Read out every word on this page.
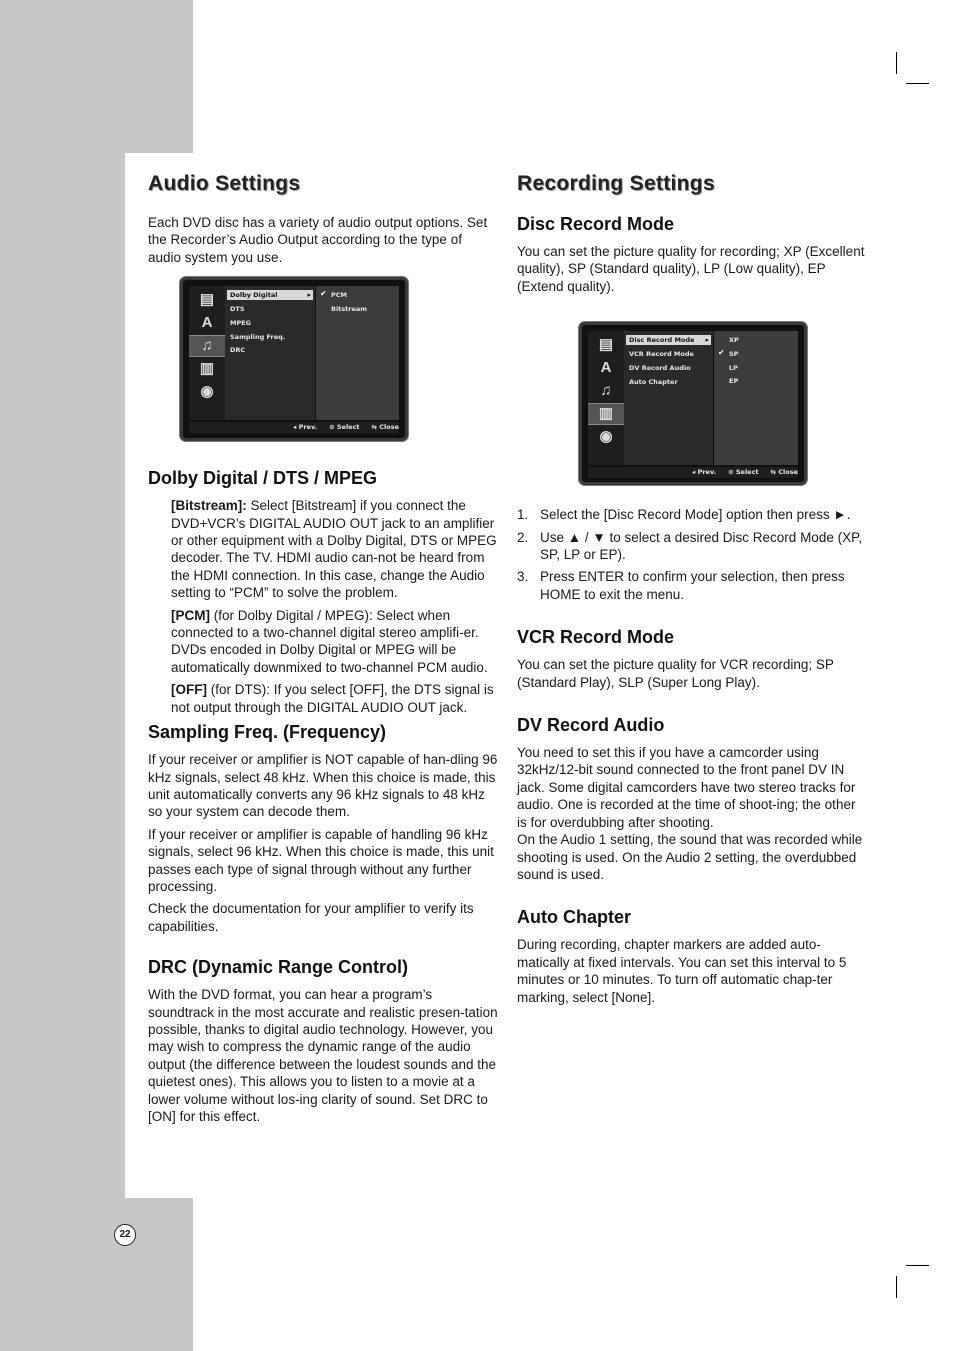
Audio Settings

Each DVD disc has a variety of audio output options. Set the Recorder’s Audio Output according to the type of audio system you use.

Dolby Digital / DTS / MPEG

[Bitstream]: Select [Bitstream] if you connect the DVD+VCR’s DIGITAL AUDIO OUT jack to an amplifier or other equipment with a Dolby Digital, DTS or MPEG decoder. The TV. HDMI audio can-not be heard from the HDMI connection. In this case, change the Audio setting to “PCM” to solve the problem.

[PCM] (for Dolby Digital / MPEG): Select when connected to a two-channel digital stereo amplifi-er. DVDs encoded in Dolby Digital or MPEG will be automatically downmixed to two-channel PCM audio.

[OFF] (for DTS): If you select [OFF], the DTS signal is not output through the DIGITAL AUDIO OUT jack.

Sampling Freq. (Frequency)

If your receiver or amplifier is NOT capable of han-dling 96 kHz signals, select 48 kHz. When this choice is made, this unit automatically converts any 96 kHz signals to 48 kHz so your system can decode them.

If your receiver or amplifier is capable of handling 96 kHz signals, select 96 kHz. When this choice is made, this unit passes each type of signal through without any further processing.

Check the documentation for your amplifier to verify its capabilities.

DRC (Dynamic Range Control)

With the DVD format, you can hear a program’s soundtrack in the most accurate and realistic presen-tation possible, thanks to digital audio technology. However, you may wish to compress the dynamic range of the audio output (the difference between the loudest sounds and the quietest ones). This allows you to listen to a movie at a lower volume without los-ing clarity of sound. Set DRC to [ON] for this effect.

▤
A
♫
▥
◉
Dolby Digital ▸
DTS
MPEG
Sampling Freq.
DRC
✔ PCM
Bitstream
◂ Prev. ⊙ Select ⇆ Close
Recording Settings
Disc Record Mode

You can set the picture quality for recording; XP (Excellent quality), SP (Standard quality), LP (Low quality), EP (Extend quality).

1. Select the [Disc Record Mode] option then press ►.
2. Use ▲ / ▼ to select a desired Disc Record Mode (XP, SP, LP or EP).
3. Press ENTER to confirm your selection, then press HOME to exit the menu.
VCR Record Mode

You can set the picture quality for VCR recording; SP (Standard Play), SLP (Super Long Play).

DV Record Audio

You need to set this if you have a camcorder using 32kHz/12-bit sound connected to the front panel DV IN jack. Some digital camcorders have two stereo tracks for audio. One is recorded at the time of shoot-ing; the other is for overdubbing after shooting.

On the Audio 1 setting, the sound that was recorded while shooting is used. On the Audio 2 setting, the overdubbed sound is used.

Auto Chapter

During recording, chapter markers are added auto-matically at fixed intervals. You can set this interval to 5 minutes or 10 minutes. To turn off automatic chap-ter marking, select [None].

▤
A
♫
▥
◉
Disc Record Mode ▸
VCR Record Mode
DV Record Audio
Auto Chapter
XP
✔ SP
LP
EP
◂ Prev. ⊙ Select ⇆ Close
22
